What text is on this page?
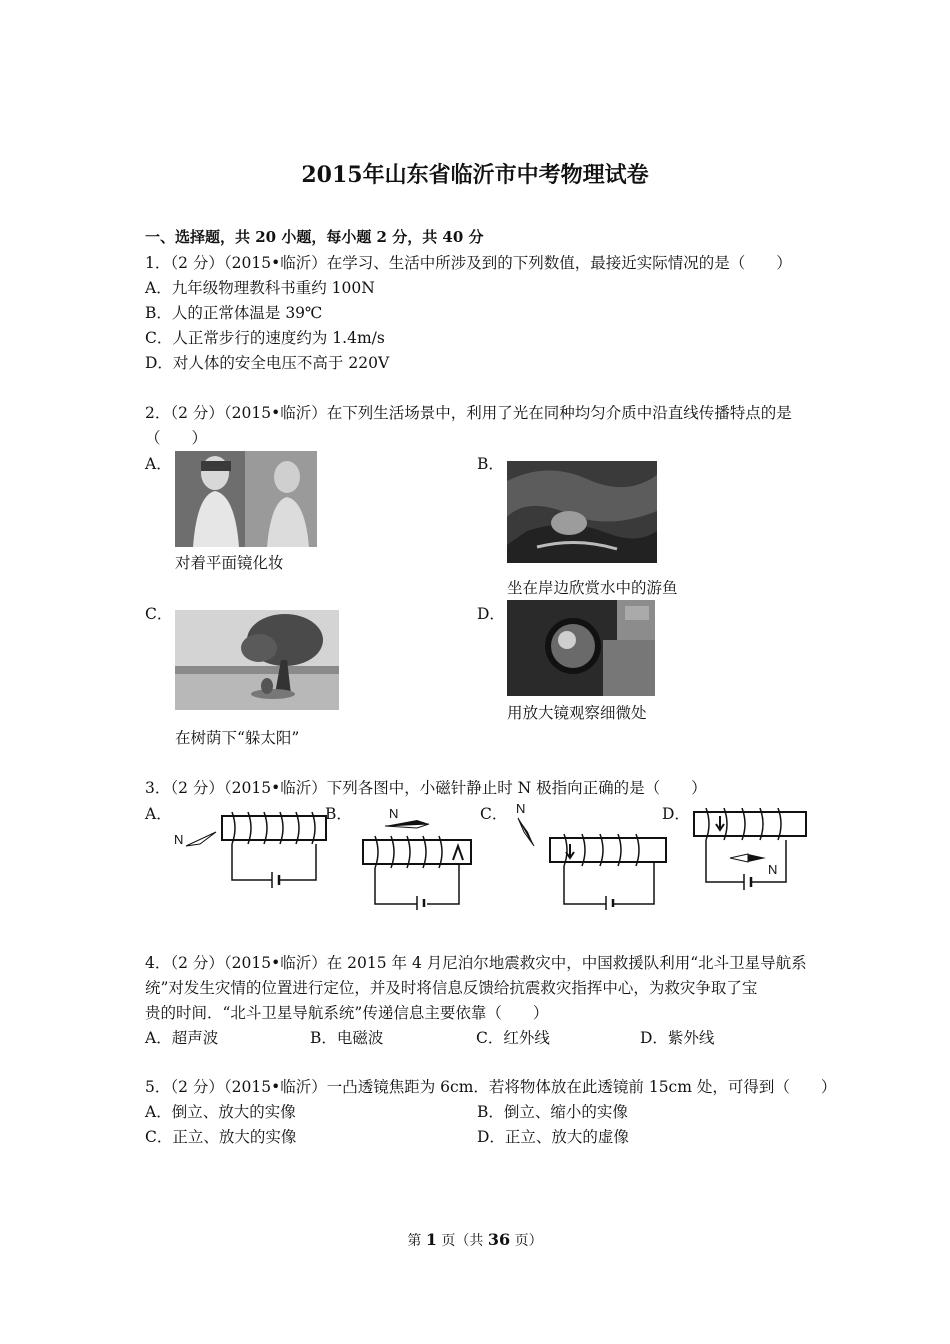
2015年山东省临沂市中考物理试卷
一、选择题，共 20 小题，每小题 2 分，共 40 分
1．（2 分）（2015•临沂）在学习、生活中所涉及到的下列数值，最接近实际情况的是（　　）
A．九年级物理教科书重约 100N
B．人的正常体温是 39℃
C．人正常步行的速度约为 1.4m/s
D．对人体的安全电压不高于 220V
2．（2 分）（2015•临沂）在下列生活场景中，利用了光在同种均匀介质中沿直线传播特点的是
（　　）
A．
对着平面镜化妆
B．
坐在岸边欣赏水中的游鱼
C．
在树荫下“躲太阳”
D．
用放大镜观察细微处
3．（2 分）（2015•临沂）下列各图中，小磁针静止时 N 极指向正确的是（　　）
A．
N
B．	N	C． N	D．
N
4．（2 分）（2015•临沂）在 2015 年 4 月尼泊尔地震救灾中，中国救援队利用“北斗卫星导航系
统”对发生灾情的位置进行定位，并及时将信息反馈给抗震救灾指挥中心，为救灾争取了宝
贵的时间．“北斗卫星导航系统”传递信息主要依靠（　　）
A．超声波	B．电磁波	C．红外线	D．紫外线
5．（2 分）（2015•临沂）一凸透镜焦距为 6cm．若将物体放在此透镜前 15cm 处，可得到（　　）
A．倒立、放大的实像	B．倒立、缩小的实像
C．正立、放大的实像	D．正立、放大的虚像
第 1 页（共 36 页）
